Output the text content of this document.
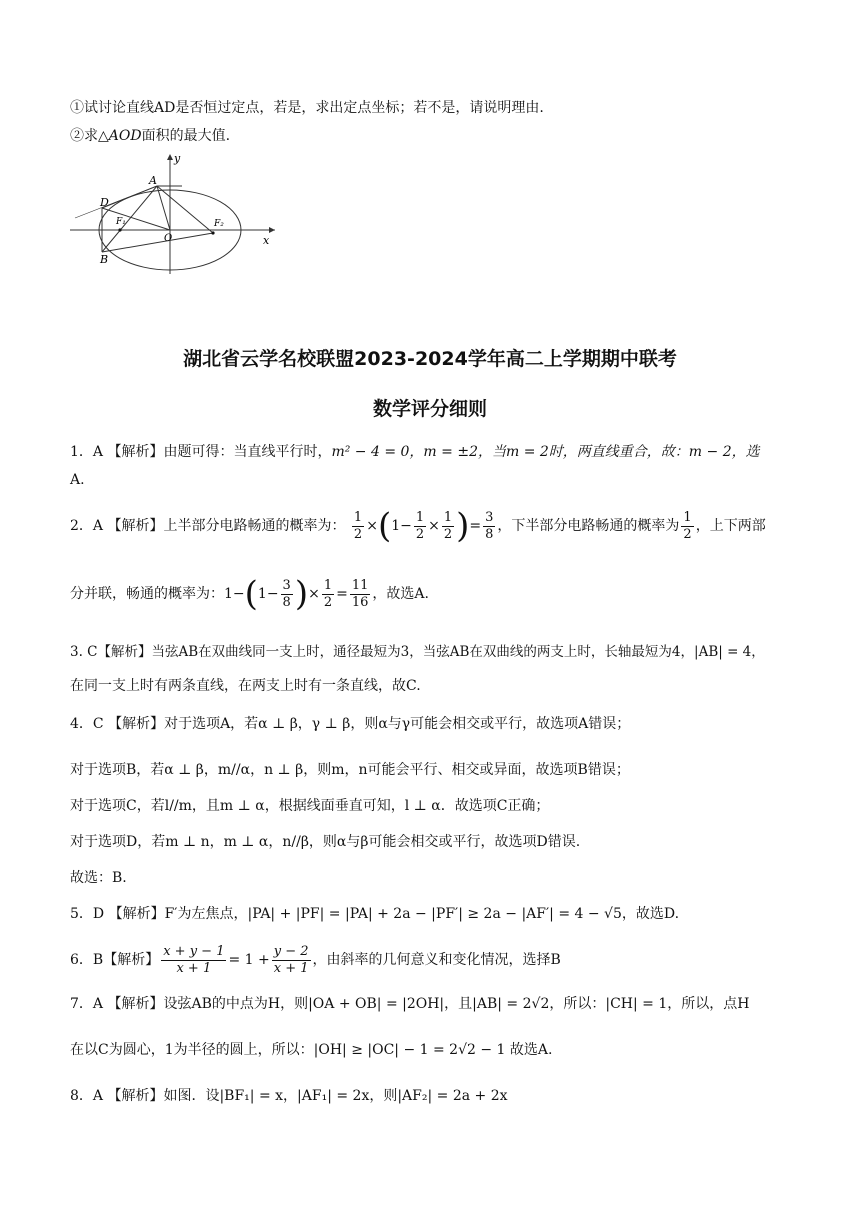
①试讨论直线AD是否恒过定点，若是，求出定点坐标；若不是，请说明理由.
②求△AOD面积的最大值.
y
A
D
F₁
O
F₂
x
B
湖北省云学名校联盟2023-2024学年高二上学期期中联考
数学评分细则
1．A 【解析】由题可得：当直线平行时，m² − 4 = 0，m = ±2，当m = 2时，两直线重合，故：m − 2，选
A.
2．A 【解析】上半部分电路畅通的概率为： $\frac{1}{2} \times(1- \frac{1}{2} \times \frac{1}{2}$ )= $\frac{3}{8}$ ，下半部分电路畅通的概率为 $\frac{1}{2}$ ，上下两部
分并联，畅通的概率为：$1-(1- \frac{3}{8}$ )× $\frac{1}{2} = \frac{11}{16}$ ，故选A.
3. C【解析】当弦AB在双曲线同一支上时，通径最短为3，当弦AB在双曲线的两支上时，长轴最短为4，|AB| = 4，
在同一支上时有两条直线，在两支上时有一条直线，故C.
4．C 【解析】对于选项A，若α ⊥ β，γ ⊥ β，则α与γ可能会相交或平行，故选项A错误；
对于选项B，若α ⊥ β，m//α，n ⊥ β，则m，n可能会平行、相交或异面，故选项B错误；
对于选项C，若l//m，且m ⊥ α，根据线面垂直可知，l ⊥ α．故选项C正确；
对于选项D，若m ⊥ n，m ⊥ α，n//β，则α与β可能会相交或平行，故选项D错误.
故选：B.
5．D 【解析】F′为左焦点，|PA| + |PF| = |PA| + 2a − |PF′| ≥ 2a − |AF′| = 4 − √5，故选D.
6．B【解析】 $\frac{x + y - 1}{x + 1} = 1 + \frac{y - 2}{x + 1}$ ，由斜率的几何意义和变化情况，选择B
7．A 【解析】设弦AB的中点为H，则|OA + OB| = |2OH|，且|AB| = 2√2，所以：|CH| = 1，所以，点H
在以C为圆心，1为半径的圆上，所以：|OH| ≥ |OC| − 1 = 2√2 − 1 故选A.
8．A 【解析】如图．设|BF₁| = x，|AF₁| = 2x，则|AF₂| = 2a + 2x
